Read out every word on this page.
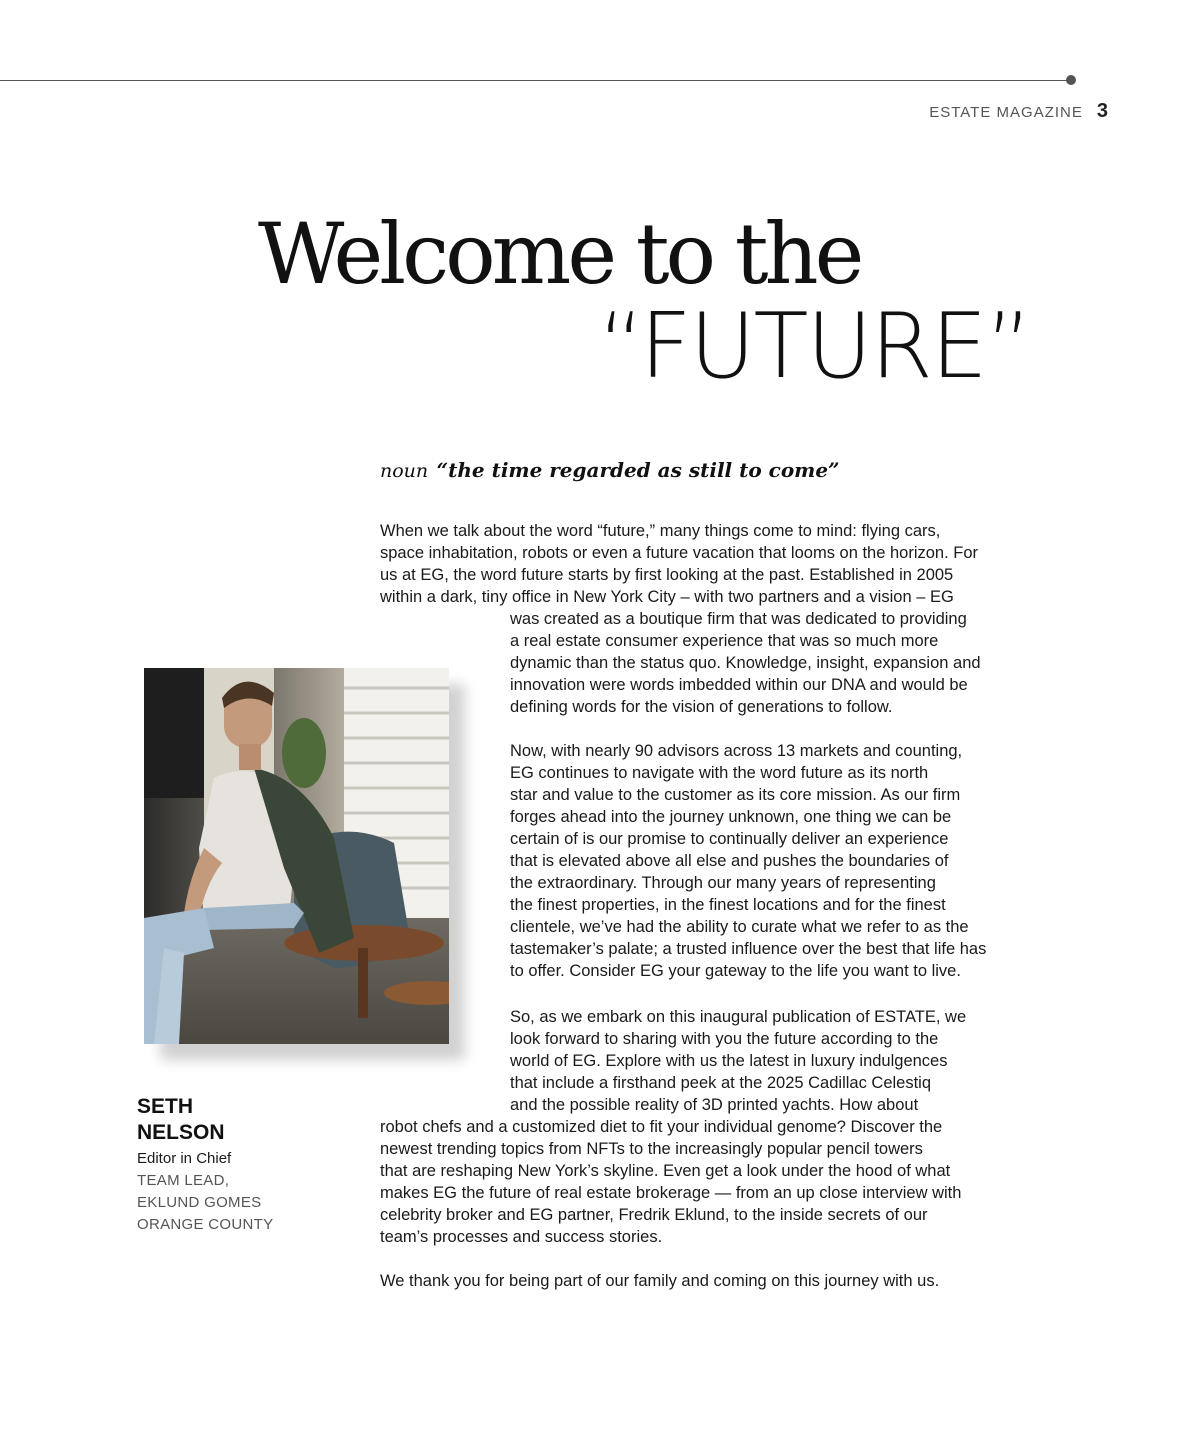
ESTATE MAGAZINE 3
Welcome to the
“FUTURE”
noun “the time regarded as still to come”
When we talk about the word “future,” many things come to mind: flying cars,
space inhabitation, robots or even a future vacation that looms on the horizon. For
us at EG, the word future starts by first looking at the past. Established in 2005
within a dark, tiny office in New York City – with two partners and a vision – EG
was created as a boutique firm that was dedicated to providing
a real estate consumer experience that was so much more
dynamic than the status quo. Knowledge, insight, expansion and
innovation were words imbedded within our DNA and would be
defining words for the vision of generations to follow.
Now, with nearly 90 advisors across 13 markets and counting,
EG continues to navigate with the word future as its north
star and value to the customer as its core mission. As our firm
forges ahead into the journey unknown, one thing we can be
certain of is our promise to continually deliver an experience
that is elevated above all else and pushes the boundaries of
the extraordinary. Through our many years of representing
the finest properties, in the finest locations and for the finest
clientele, we’ve had the ability to curate what we refer to as the
tastemaker’s palate; a trusted influence over the best that life has
to offer. Consider EG your gateway to the life you want to live.
So, as we embark on this inaugural publication of ESTATE, we
look forward to sharing with you the future according to the
world of EG. Explore with us the latest in luxury indulgences
that include a firsthand peek at the 2025 Cadillac Celestiq
and the possible reality of 3D printed yachts. How about
robot chefs and a customized diet to fit your individual genome? Discover the
newest trending topics from NFTs to the increasingly popular pencil towers
that are reshaping New York’s skyline. Even get a look under the hood of what
makes EG the future of real estate brokerage — from an up close interview with
celebrity broker and EG partner, Fredrik Eklund, to the inside secrets of our
team’s processes and success stories.
We thank you for being part of our family and coming on this journey with us.
SETH
NELSON
Editor in Chief
TEAM LEAD,
EKLUND GOMES
ORANGE COUNTY
